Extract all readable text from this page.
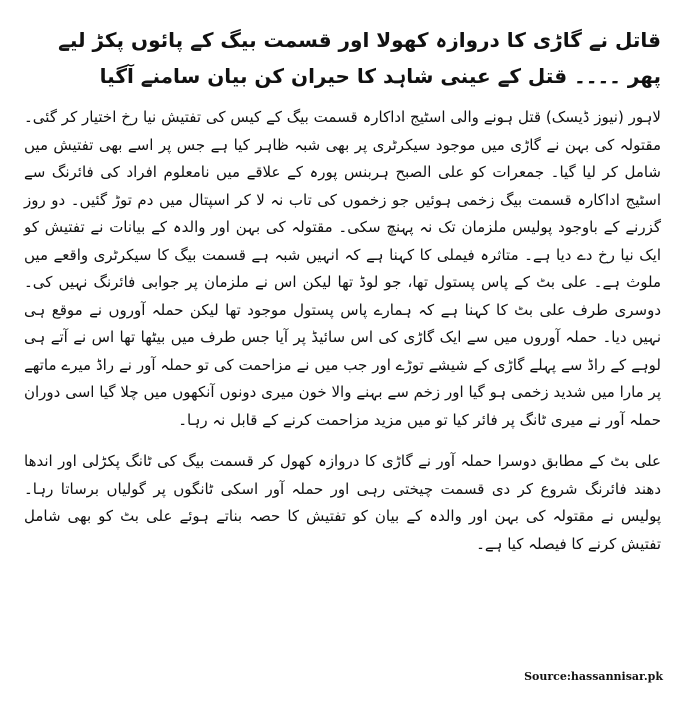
قاتل نے گاڑی کا دروازہ کھولا اور قسمت بیگ کے پائوں پکڑ لیے پھر ۔۔۔۔ قتل کے عینی شاہد کا حیران کن بیان سامنے آگیا

لاہور (نیوز ڈیسک) قتل ہونے والی اسٹیج اداکارہ قسمت بیگ کے کیس کی تفتیش نیا رخ اختیار کر گئی۔ مقتولہ کی بہن نے گاڑی میں موجود سیکرٹری پر بھی شبہ ظاہر کیا ہے جس پر اسے بھی تفتیش میں شامل کر لیا گیا۔ جمعرات کو علی الصبح ہربنس پورہ کے علاقے میں نامعلوم افراد کی فائرنگ سے اسٹیج اداکارہ قسمت بیگ زخمی ہوئیں جو زخموں کی تاب نہ لا کر اسپتال میں دم توڑ گئیں۔ دو روز گزرنے کے باوجود پولیس ملزمان تک نہ پہنچ سکی۔ مقتولہ کی بہن اور والدہ کے بیانات نے تفتیش کو ایک نیا رخ دے دیا ہے۔ متاثرہ فیملی کا کہنا ہے کہ انہیں شبہ ہے قسمت بیگ کا سیکرٹری واقعے میں ملوث ہے۔ علی بٹ کے پاس پستول تھا، جو لوڈ تھا لیکن اس نے ملزمان پر جوابی فائرنگ نہیں کی۔ دوسری طرف علی بٹ کا کہنا ہے کہ ہمارے پاس پستول موجود تھا لیکن حملہ آوروں نے موقع ہی نہیں دیا۔ حملہ آوروں میں سے ایک گاڑی کی اس سائیڈ پر آیا جس طرف میں بیٹھا تھا اس نے آتے ہی لوہے کے راڈ سے پہلے گاڑی کے شیشے توڑے اور جب میں نے مزاحمت کی تو حملہ آور نے راڈ میرے ماتھے پر مارا میں شدید زخمی ہو گیا اور زخم سے بہنے والا خون میری دونوں آنکھوں میں چلا گیا اسی دوران حملہ آور نے میری ٹانگ پر فائر کیا تو میں مزید مزاحمت کرنے کے قابل نہ رہا۔

علی بٹ کے مطابق دوسرا حملہ آور نے گاڑی کا دروازہ کھول کر قسمت بیگ کی ٹانگ پکڑلی اور اندھا دھند فائرنگ شروع کر دی قسمت چیختی رہی اور حملہ آور اسکی ٹانگوں پر گولیاں برساتا رہا۔ پولیس نے مقتولہ کی بہن اور والدہ کے بیان کو تفتیش کا حصہ بناتے ہوئے علی بٹ کو بھی شامل تفتیش کرنے کا فیصلہ کیا ہے۔

Source:hassannisar.pk
